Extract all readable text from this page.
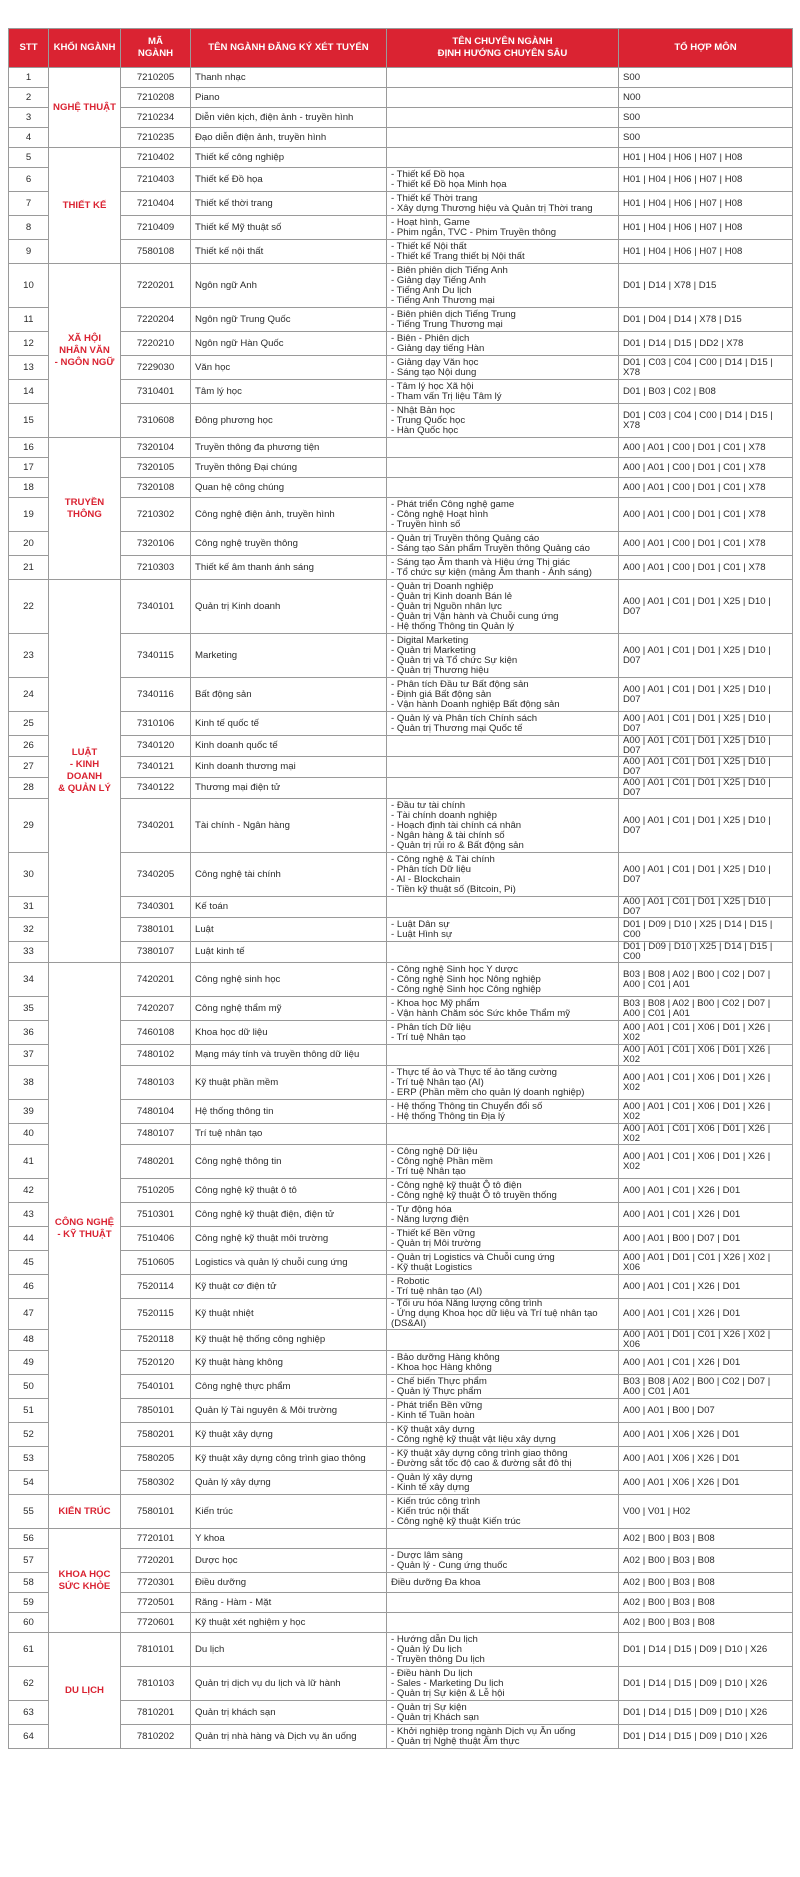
STT	KHỐI NGÀNH	MÃ
NGÀNH	TÊN NGÀNH ĐĂNG KÝ XÉT TUYỂN	TÊN CHUYÊN NGÀNH
ĐỊNH HƯỚNG CHUYÊN SÂU	TỔ HỢP MÔN
1	NGHỆ THUẬT	7210205	Thanh nhạc		S00
2		7210208	Piano		N00
3		7210234	Diễn viên kịch, điện ảnh - truyền hình		S00
4		7210235	Đạo diễn điện ảnh, truyền hình		S00
5	THIẾT KẾ	7210402	Thiết kế công nghiệp		H01 | H04 | H06 | H07 | H08
6		7210403	Thiết kế Đồ họa	- Thiết kế Đồ họa
- Thiết kế Đồ họa Minh họa	H01 | H04 | H06 | H07 | H08
7		7210404	Thiết kế thời trang	- Thiết kế Thời trang
- Xây dựng Thương hiệu và Quản trị Thời trang	H01 | H04 | H06 | H07 | H08
8		7210409	Thiết kế Mỹ thuật số	- Hoạt hình, Game
- Phim ngắn, TVC - Phim Truyền thông	H01 | H04 | H06 | H07 | H08
9		7580108	Thiết kế nội thất	- Thiết kế Nội thất
- Thiết kế Trang thiết bị Nội thất	H01 | H04 | H06 | H07 | H08
10	XÃ HỘI
NHÂN VĂN
- NGÔN NGỮ	7220201	Ngôn ngữ Anh	- Biên phiên dịch Tiếng Anh
- Giảng dạy Tiếng Anh
- Tiếng Anh Du lịch
- Tiếng Anh Thương mại	D01 | D14 | X78 | D15
11		7220204	Ngôn ngữ Trung Quốc	- Biên phiên dịch Tiếng Trung
- Tiếng Trung Thương mại	D01 | D04 | D14 | X78 | D15
12		7220210	Ngôn ngữ Hàn Quốc	- Biên - Phiên dịch
- Giảng dạy tiếng Hàn	D01 | D14 | D15 | DD2 | X78
13		7229030	Văn học	- Giảng dạy Văn học
- Sáng tạo Nội dung	D01 | C03 | C04 | C00 | D14 | D15 | X78
14		7310401	Tâm lý học	- Tâm lý học Xã hội
- Tham vấn Trị liệu Tâm lý	D01 | B03 | C02 | B08
15		7310608	Đông phương học	- Nhật Bản học
- Trung Quốc học
- Hàn Quốc học	D01 | C03 | C04 | C00 | D14 | D15 | X78
16	TRUYỀN THÔNG	7320104	Truyền thông đa phương tiện		A00 | A01 | C00 | D01 | C01 | X78
17		7320105	Truyền thông Đại chúng		A00 | A01 | C00 | D01 | C01 | X78
18		7320108	Quan hệ công chúng		A00 | A01 | C00 | D01 | C01 | X78
19		7210302	Công nghệ điện ảnh, truyền hình	- Phát triển Công nghệ game
- Công nghệ Hoạt hình
- Truyền hình số	A00 | A01 | C00 | D01 | C01 | X78
20		7320106	Công nghệ truyền thông	- Quản trị Truyền thông Quảng cáo
- Sáng tạo Sản phẩm Truyền thông Quảng cáo	A00 | A01 | C00 | D01 | C01 | X78
21		7210303	Thiết kế âm thanh ánh sáng	- Sáng tạo Âm thanh và Hiệu ứng Thị giác
- Tổ chức sự kiện (mảng Âm thanh - Ánh sáng)	A00 | A01 | C00 | D01 | C01 | X78
22	LUẬT
- KINH DOANH
& QUẢN LÝ	7340101	Quản trị Kinh doanh	- Quản trị Doanh nghiệp
- Quản trị Kinh doanh Bán lẻ
- Quản trị Nguồn nhân lực
- Quản trị Vận hành và Chuỗi cung ứng
- Hệ thống Thông tin Quản lý	A00 | A01 | C01 | D01 | X25 | D10 | D07
23		7340115	Marketing	- Digital Marketing
- Quản trị Marketing
- Quản trị và Tổ chức Sự kiện
- Quản trị Thương hiệu	A00 | A01 | C01 | D01 | X25 | D10 | D07
24		7340116	Bất động sản	- Phân tích Đầu tư Bất động sản
- Định giá Bất động sản
- Vận hành Doanh nghiệp Bất động sản	A00 | A01 | C01 | D01 | X25 | D10 | D07
25		7310106	Kinh tế quốc tế	- Quản lý và Phân tích Chính sách
- Quản trị Thương mại Quốc tế	A00 | A01 | C01 | D01 | X25 | D10 | D07
26		7340120	Kinh doanh quốc tế		A00 | A01 | C01 | D01 | X25 | D10 | D07
27		7340121	Kinh doanh thương mại		A00 | A01 | C01 | D01 | X25 | D10 | D07
28		7340122	Thương mại điện tử		A00 | A01 | C01 | D01 | X25 | D10 | D07
29		7340201	Tài chính - Ngân hàng	- Đầu tư tài chính
- Tài chính doanh nghiệp
- Hoạch định tài chính cá nhân
- Ngân hàng & tài chính số
- Quản trị rủi ro & Bất động sản	A00 | A01 | C01 | D01 | X25 | D10 | D07
30		7340205	Công nghệ tài chính	- Công nghệ & Tài chính
- Phân tích Dữ liệu
- AI - Blockchain
- Tiền kỹ thuật số (Bitcoin, Pi)	A00 | A01 | C01 | D01 | X25 | D10 | D07
31		7340301	Kế toán		A00 | A01 | C01 | D01 | X25 | D10 | D07
32		7380101	Luật	- Luật Dân sự
- Luật Hình sự	D01 | D09 | D10 | X25 | D14 | D15 | C00
33		7380107	Luật kinh tế		D01 | D09 | D10 | X25 | D14 | D15 | C00
34	CÔNG NGHỆ
- KỸ THUẬT	7420201	Công nghệ sinh học	- Công nghệ Sinh học Y dược
- Công nghệ Sinh học Nông nghiệp
- Công nghệ Sinh học Công nghiệp	B03 | B08 | A02 | B00 | C02 | D07 | A00 | C01 | A01
35		7420207	Công nghệ thẩm mỹ	- Khoa học Mỹ phẩm
- Vận hành Chăm sóc Sức khỏe Thẩm mỹ	B03 | B08 | A02 | B00 | C02 | D07 | A00 | C01 | A01
36		7460108	Khoa học dữ liệu	- Phân tích Dữ liệu
- Trí tuệ Nhân tạo	A00 | A01 | C01 | X06 | D01 | X26 | X02
37		7480102	Mạng máy tính và truyền thông dữ liệu		A00 | A01 | C01 | X06 | D01 | X26 | X02
38		7480103	Kỹ thuật phần mềm	- Thực tế ảo và Thực tế ảo tăng cường
- Trí tuệ Nhân tạo (AI)
- ERP (Phần mềm cho quản lý doanh nghiệp)	A00 | A01 | C01 | X06 | D01 | X26 | X02
39		7480104	Hệ thống thông tin	- Hệ thống Thông tin Chuyển đổi số
- Hệ thống Thông tin Địa lý	A00 | A01 | C01 | X06 | D01 | X26 | X02
40		7480107	Trí tuệ nhân tạo		A00 | A01 | C01 | X06 | D01 | X26 | X02
41		7480201	Công nghệ thông tin	- Công nghệ Dữ liệu
- Công nghệ Phần mềm
- Trí tuệ Nhân tạo	A00 | A01 | C01 | X06 | D01 | X26 | X02
42		7510205	Công nghệ kỹ thuật ô tô	- Công nghệ kỹ thuật Ô tô điện
- Công nghệ kỹ thuật Ô tô truyền thống	A00 | A01 | C01 | X26 | D01
43		7510301	Công nghệ kỹ thuật điện, điện tử	- Tự động hóa
- Năng lượng điện	A00 | A01 | C01 | X26 | D01
44		7510406	Công nghệ kỹ thuật môi trường	- Thiết kế Bền vững
- Quản trị Môi trường	A00 | A01 | B00 | D07 | D01
45		7510605	Logistics và quản lý chuỗi cung ứng	- Quản trị Logistics và Chuỗi cung ứng
- Kỹ thuật Logistics	A00 | A01 | D01 | C01 | X26 | X02 | X06
46		7520114	Kỹ thuật cơ điện tử	- Robotic
- Trí tuệ nhân tạo (AI)	A00 | A01 | C01 | X26 | D01
47		7520115	Kỹ thuật nhiệt	- Tối ưu hóa Năng lượng công trình
- Ứng dụng Khoa học dữ liệu và Trí tuệ nhân tạo (DS&AI)	A00 | A01 | C01 | X26 | D01
48		7520118	Kỹ thuật hệ thống công nghiệp		A00 | A01 | D01 | C01 | X26 | X02 | X06
49		7520120	Kỹ thuật hàng không	- Bảo dưỡng Hàng không
- Khoa học Hàng không	A00 | A01 | C01 | X26 | D01
50		7540101	Công nghệ thực phẩm	- Chế biến Thực phẩm
- Quản lý Thực phẩm	B03 | B08 | A02 | B00 | C02 | D07 | A00 | C01 | A01
51		7850101	Quản lý Tài nguyên & Môi trường	- Phát triển Bền vững
- Kinh tế Tuần hoàn	A00 | A01 | B00 | D07
52		7580201	Kỹ thuật xây dựng	- Kỹ thuật xây dựng
- Công nghệ kỹ thuật vật liệu xây dựng	A00 | A01 | X06 | X26 | D01
53		7580205	Kỹ thuật xây dựng công trình giao thông	- Kỹ thuật xây dựng công trình giao thông
- Đường sắt tốc độ cao & đường sắt đô thị	A00 | A01 | X06 | X26 | D01
54		7580302	Quản lý xây dựng	- Quản lý xây dựng
- Kinh tế xây dựng	A00 | A01 | X06 | X26 | D01
55	KIẾN TRÚC	7580101	Kiến trúc	- Kiến trúc công trình
- Kiến trúc nội thất
- Công nghệ kỹ thuật Kiến trúc	V00 | V01 | H02
56	KHOA HỌC
SỨC KHỎE	7720101	Y khoa		A02 | B00 | B03 | B08
57		7720201	Dược học	- Dược lâm sàng
- Quản lý - Cung ứng thuốc	A02 | B00 | B03 | B08
58		7720301	Điều dưỡng	Điều dưỡng Đa khoa	A02 | B00 | B03 | B08
59		7720501	Răng - Hàm - Mặt		A02 | B00 | B03 | B08
60		7720601	Kỹ thuật xét nghiệm y học		A02 | B00 | B03 | B08
61	DU LỊCH	7810101	Du lịch	- Hướng dẫn Du lịch
- Quản lý Du lịch
- Truyền thông Du lịch	D01 | D14 | D15 | D09 | D10 | X26
62		7810103	Quản trị dịch vụ du lịch và lữ hành	- Điều hành Du lịch
- Sales - Marketing Du lịch
- Quản trị Sự kiện & Lễ hội	D01 | D14 | D15 | D09 | D10 | X26
63		7810201	Quản trị khách sạn	- Quản trị Sự kiện
- Quản trị Khách sạn	D01 | D14 | D15 | D09 | D10 | X26
64		7810202	Quản trị nhà hàng và Dịch vụ ăn uống	- Khởi nghiệp trong ngành Dịch vụ Ăn uống
- Quản trị Nghệ thuật Ẩm thực	D01 | D14 | D15 | D09 | D10 | X26
